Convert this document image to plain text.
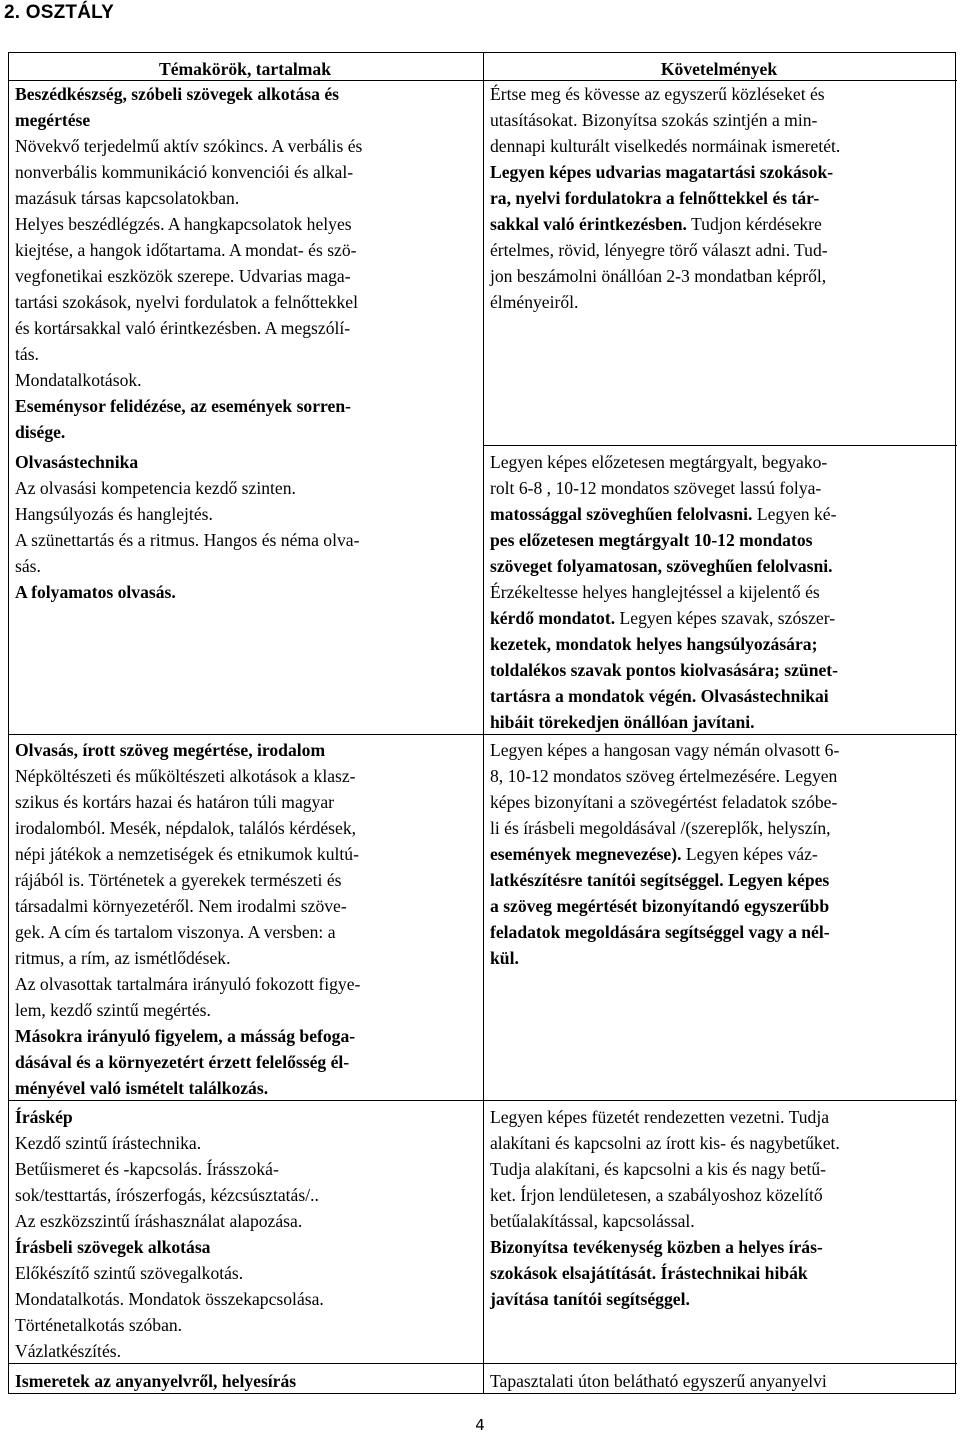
2. OSZTÁLY
Témakörök, tartalmak	Követelmények
Beszédkészség, szóbeli szövegek alkotása és
megértése
Növekvő terjedelmű aktív szókincs. A verbális és
nonverbális kommunikáció konvenciói és alkal-
mazásuk társas kapcsolatokban.
Helyes beszédlégzés. A hangkapcsolatok helyes
kiejtése, a hangok időtartama. A mondat- és szö-
vegfonetikai eszközök szerepe. Udvarias maga-
tartási szokások, nyelvi fordulatok a felnőttekkel
és kortársakkal való érintkezésben. A megszólí-
tás.
Mondatalkotások.
Eseménysor felidézése, az események sorren-
disége.
Olvasástechnika
Az olvasási kompetencia kezdő szinten.
Hangsúlyozás és hanglejtés.
A szünettartás és a ritmus. Hangos és néma olva-
sás.
A folyamatos olvasás.
Olvasás, írott szöveg megértése, irodalom
Népköltészeti és műköltészeti alkotások a klasz-
szikus és kortárs hazai és határon túli magyar
irodalomból. Mesék, népdalok, találós kérdések,
népi játékok a nemzetiségek és etnikumok kultú-
rájából is. Történetek a gyerekek természeti és
társadalmi környezetéről. Nem irodalmi szöve-
gek. A cím és tartalom viszonya. A versben: a
ritmus, a rím, az ismétlődések.
Az olvasottak tartalmára irányuló fokozott figye-
lem, kezdő szintű megértés.
Másokra irányuló figyelem, a másság befoga-
dásával és a környezetért érzett felelősség él-
ményével való ismételt találkozás.
Íráskép
Kezdő szintű írástechnika.
Betűismeret és -kapcsolás. Írásszoká-
sok/testtartás, írószerfogás, kézcsúsztatás/..
Az eszközszintű íráshasználat alapozása.
Írásbeli szövegek alkotása
Előkészítő szintű szövegalkotás.
Mondatalkotás. Mondatok összekapcsolása.
Történetalkotás szóban.
Vázlatkészítés.
Ismeretek az anyanyelvről, helyesírás
Értse meg és kövesse az egyszerű közléseket és
utasításokat. Bizonyítsa szokás szintjén a min-
dennapi kulturált viselkedés normáinak ismeretét.
Legyen képes udvarias magatartási szokások-
ra, nyelvi fordulatokra a felnőttekkel és tár-
sakkal való érintkezésben. Tudjon kérdésekre
értelmes, rövid, lényegre törő választ adni. Tud-
jon beszámolni önállóan 2-3 mondatban képről,
élményeiről.
Legyen képes előzetesen megtárgyalt, begyako-
rolt 6-8 , 10-12 mondatos szöveget lassú folya-
matossággal szöveghűen felolvasni. Legyen ké-
pes előzetesen megtárgyalt 10-12 mondatos
szöveget folyamatosan, szöveghűen felolvasni.
Érzékeltesse helyes hanglejtéssel a kijelentő és
kérdő mondatot. Legyen képes szavak, szószer-
kezetek, mondatok helyes hangsúlyozására;
toldalékos szavak pontos kiolvasására; szünet-
tartásra a mondatok végén. Olvasástechnikai
hibáit törekedjen önállóan javítani.
Legyen képes a hangosan vagy némán olvasott 6-
8, 10-12 mondatos szöveg értelmezésére. Legyen
képes bizonyítani a szövegértést feladatok szóbe-
li és írásbeli megoldásával /(szereplők, helyszín,
események megnevezése). Legyen képes váz-
latkészítésre tanítói segítséggel. Legyen képes
a szöveg megértését bizonyítandó egyszerűbb
feladatok megoldására segítséggel vagy a nél-
kül.
Legyen képes füzetét rendezetten vezetni. Tudja
alakítani és kapcsolni az írott kis- és nagybetűket.
Tudja alakítani, és kapcsolni a kis és nagy betű-
ket. Írjon lendületesen, a szabályoshoz közelítő
betűalakítással, kapcsolással.
Bizonyítsa tevékenység közben a helyes írás-
szokások elsajátítását. Írástechnikai hibák
javítása tanítói segítséggel.
Tapasztalati úton belátható egyszerű anyanyelvi
4
